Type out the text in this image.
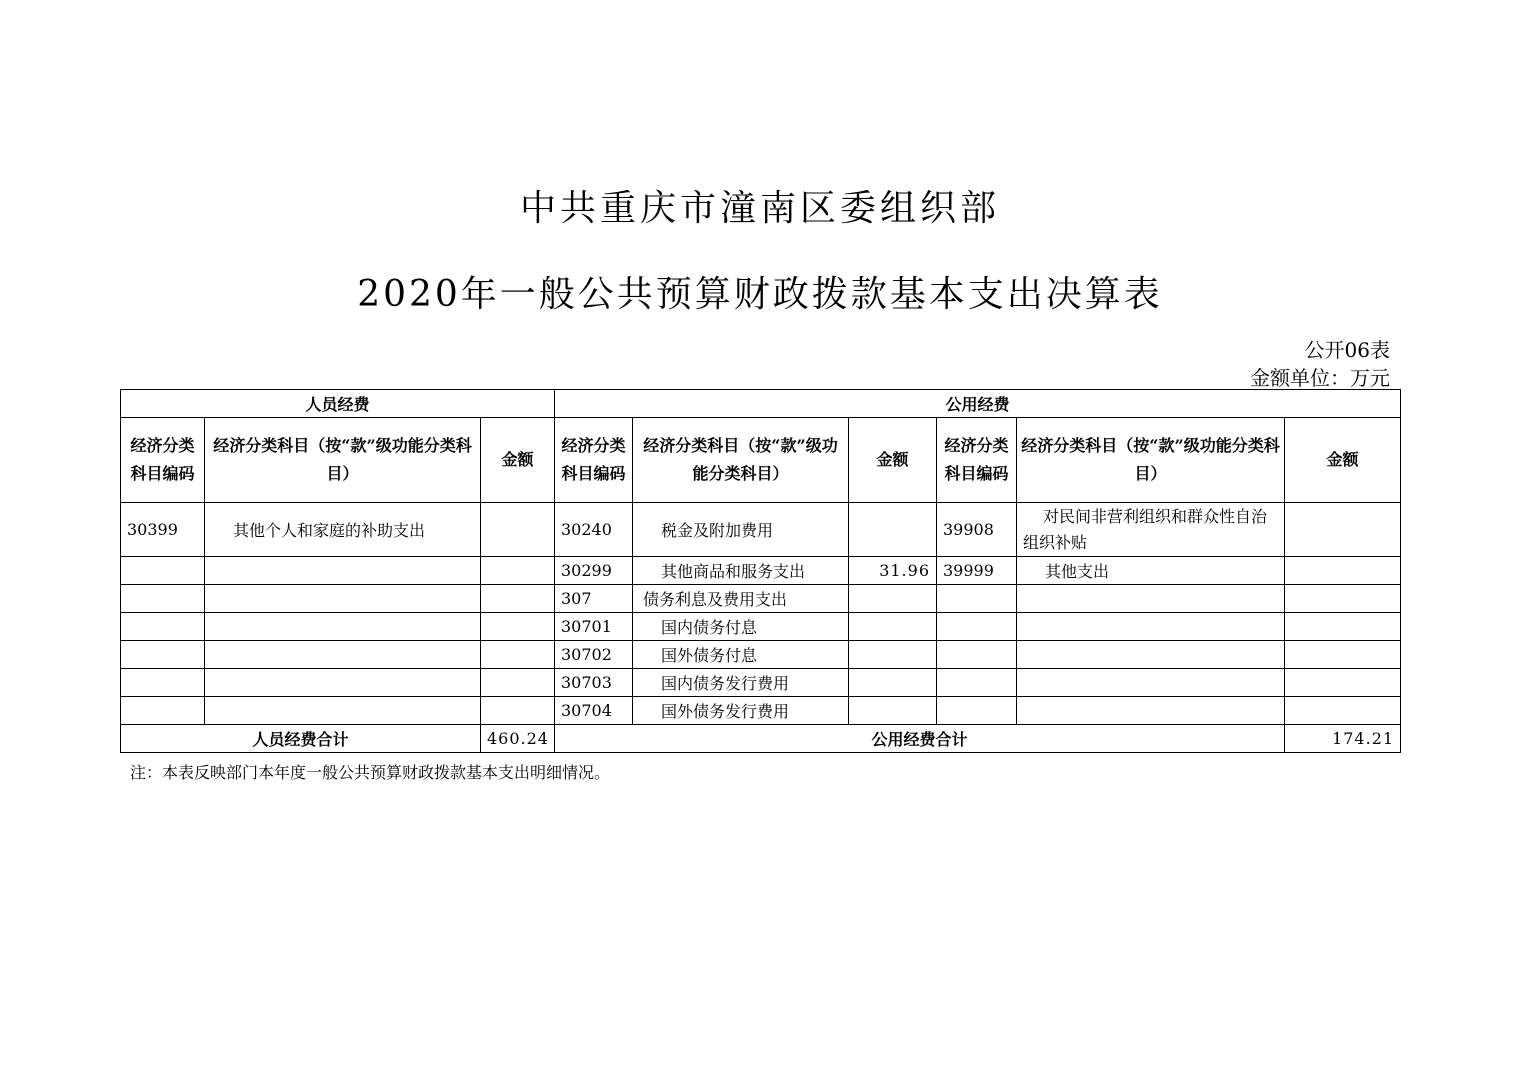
中共重庆市潼南区委组织部
2020年一般公共预算财政拨款基本支出决算表
公开06表
金额单位：万元
人员经费			公用经费					
经济分类科目编码	经济分类科目（按“款”级功能分类科目）	金额	经济分类科目编码	经济分类科目（按“款”级功能分类科目）	金额	经济分类科目编码	经济分类科目（按“款”级功能分类科目）	金额
30399	其他个人和家庭的补助支出		30240	税金及附加费用		39908	对民间非营利组织和群众性自治组织补贴	
			30299	其他商品和服务支出	31.96	39999	其他支出	
			307	债务利息及费用支出				
			30701	国内债务付息				
			30702	国外债务付息				
			30703	国内债务发行费用				
			30704	国外债务发行费用				
人员经费合计		460.24	公用经费合计					174.21
注：本表反映部门本年度一般公共预算财政拨款基本支出明细情况。
